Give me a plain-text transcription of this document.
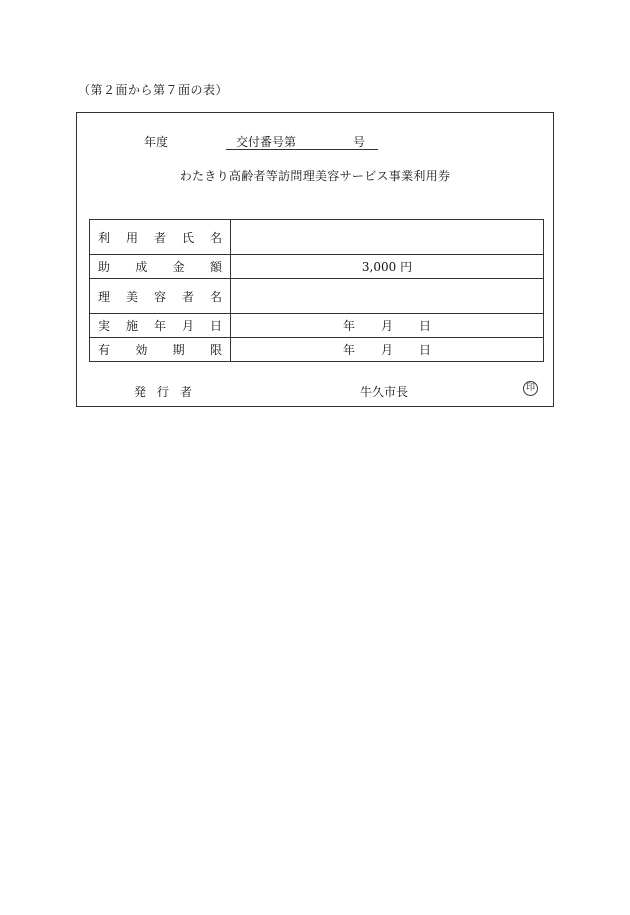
（第２面から第７面の表）
年度	交付番号第	号
わたきり高齢者等訪問理美容サービス事業利用券
利 用 者 氏 名	

助 成 金 額	3,000 円

理 美 容 者 名	

実 施 年 月 日	年 月 日

有 効 期 限	年 月 日
発 行 者	牛久市長	印
